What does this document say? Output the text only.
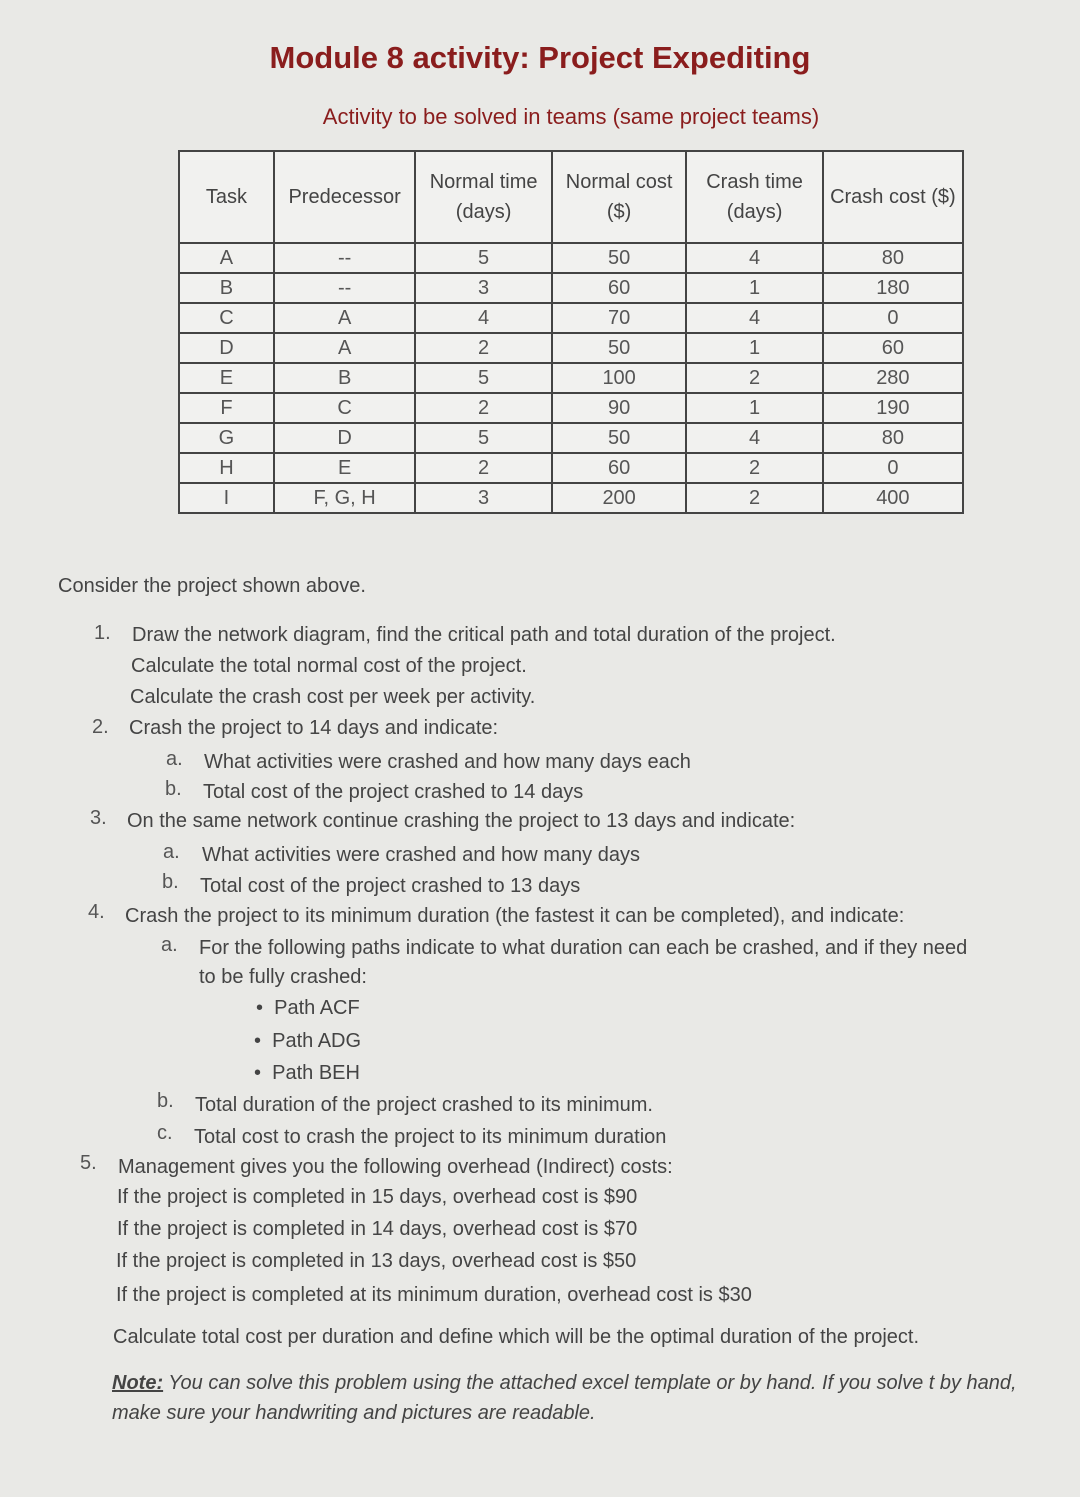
Module 8 activity: Project Expediting
Activity to be solved in teams (same project teams)
Task	Predecessor	Normal time (days)	Normal cost ($)	Crash time (days)	Crash cost ($)
A	--	5	50	4	80
B	--	3	60	1	180
C	A	4	70	4	0
D	A	2	50	1	60
E	B	5	100	2	280
F	C	2	90	1	190
G	D	5	50	4	80
H	E	2	60	2	0
I	F, G, H	3	200	2	400
Consider the project shown above.
1. Draw the network diagram, find the critical path and total duration of the project.
Calculate the total normal cost of the project.
Calculate the crash cost per week per activity.
2. Crash the project to 14 days and indicate:
a. What activities were crashed and how many days each
b. Total cost of the project crashed to 14 days
3. On the same network continue crashing the project to 13 days and indicate:
a. What activities were crashed and how many days
b. Total cost of the project crashed to 13 days
4. Crash the project to its minimum duration (the fastest it can be completed), and indicate:
a. For the following paths indicate to what duration can each be crashed, and if they need
to be fully crashed:
•  Path ACF
•  Path ADG
•  Path BEH
b. Total duration of the project crashed to its minimum.
c. Total cost to crash the project to its minimum duration
5. Management gives you the following overhead (Indirect) costs:
If the project is completed in 15 days, overhead cost is $90
If the project is completed in 14 days, overhead cost is $70
If the project is completed in 13 days, overhead cost is $50
If the project is completed at its minimum duration, overhead cost is $30
Calculate total cost per duration and define which will be the optimal duration of the project.
Note: You can solve this problem using the attached excel template or by hand. If you solve t by hand, make sure your handwriting and pictures are readable.
